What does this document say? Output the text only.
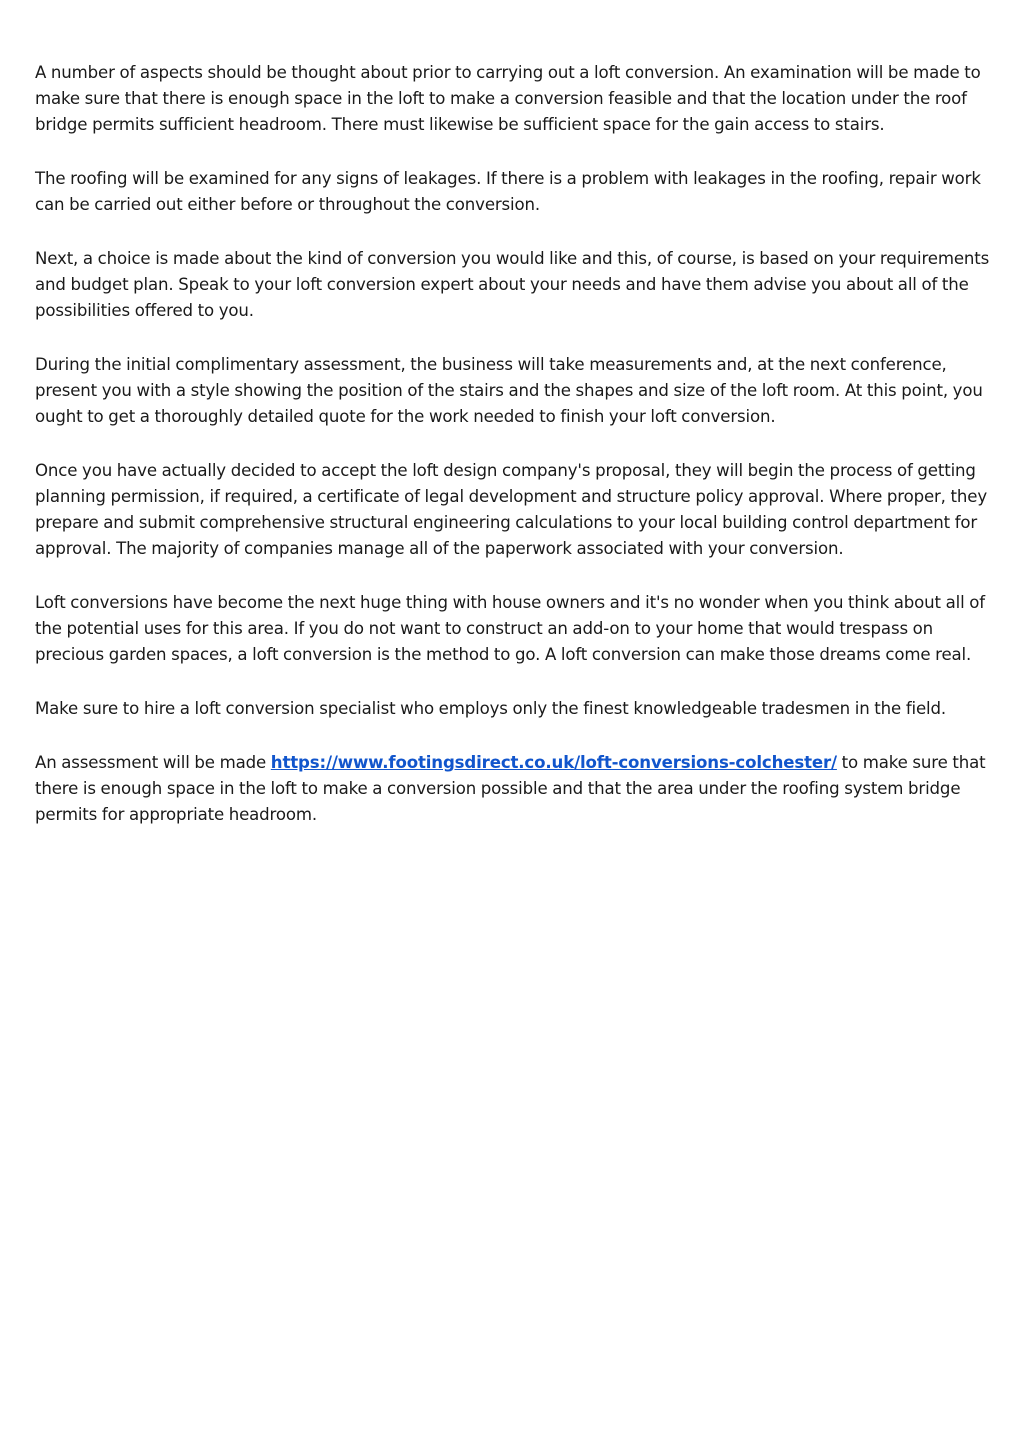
A number of aspects should be thought about prior to carrying out a loft conversion. An examination will be made to make sure that there is enough space in the loft to make a conversion feasible and that the location under the roof bridge permits sufficient headroom. There must likewise be sufficient space for the gain access to stairs.

The roofing will be examined for any signs of leakages. If there is a problem with leakages in the roofing, repair work can be carried out either before or throughout the conversion.

Next, a choice is made about the kind of conversion you would like and this, of course, is based on your requirements and budget plan. Speak to your loft conversion expert about your needs and have them advise you about all of the possibilities offered to you.

During the initial complimentary assessment, the business will take measurements and, at the next conference, present you with a style showing the position of the stairs and the shapes and size of the loft room. At this point, you ought to get a thoroughly detailed quote for the work needed to finish your loft conversion.

Once you have actually decided to accept the loft design company's proposal, they will begin the process of getting planning permission, if required, a certificate of legal development and structure policy approval. Where proper, they prepare and submit comprehensive structural engineering calculations to your local building control department for approval. The majority of companies manage all of the paperwork associated with your conversion.

Loft conversions have become the next huge thing with house owners and it's no wonder when you think about all of the potential uses for this area. If you do not want to construct an add-on to your home that would trespass on precious garden spaces, a loft conversion is the method to go. A loft conversion can make those dreams come real.

Make sure to hire a loft conversion specialist who employs only the finest knowledgeable tradesmen in the field.

An assessment will be made https://www.footingsdirect.co.uk/loft-conversions-colchester/ to make sure that there is enough space in the loft to make a conversion possible and that the area under the roofing system bridge permits for appropriate headroom.
